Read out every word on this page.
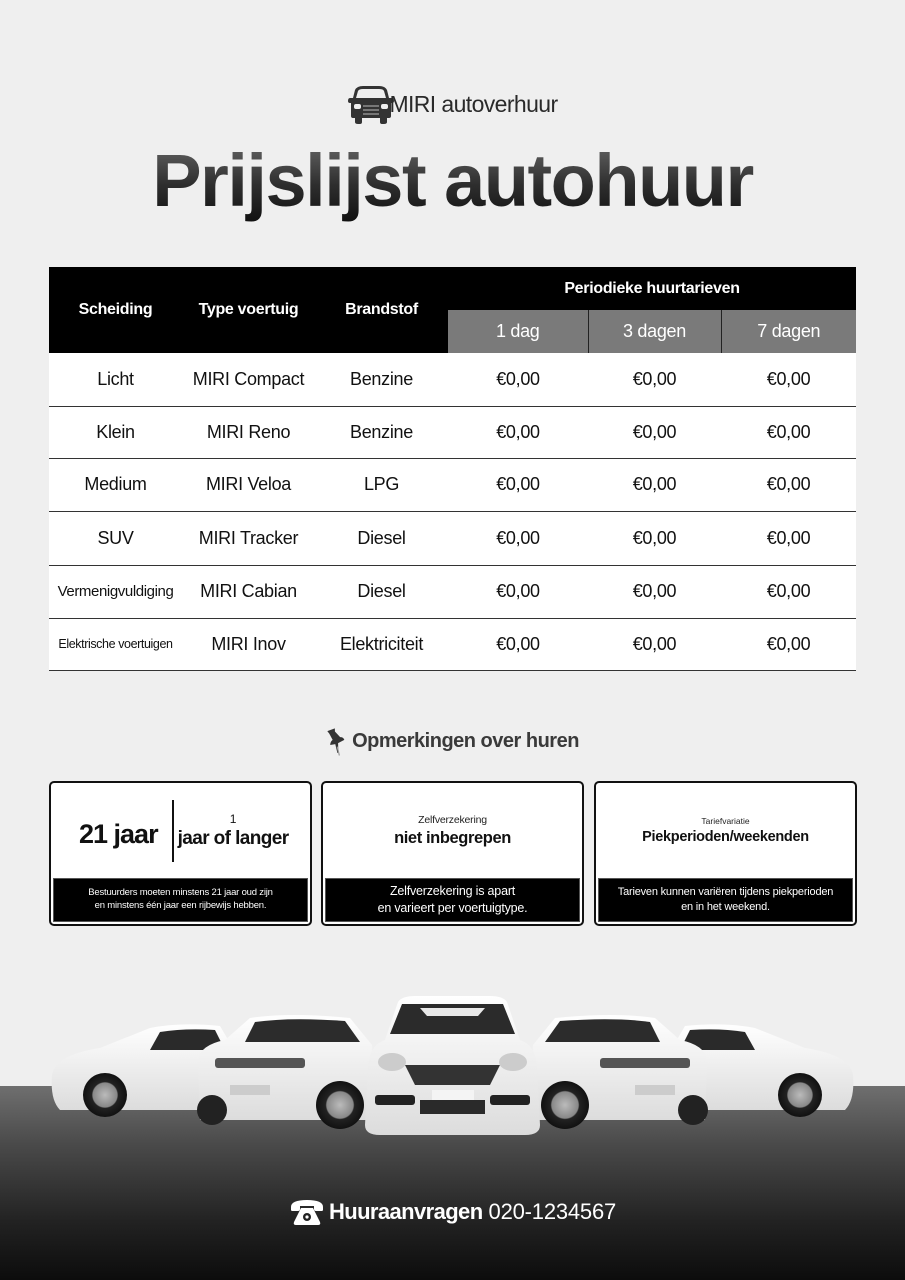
MIRI autoverhuur
Prijslijst autohuur
Scheiding	Type voertuig	Brandstof	Periodieke huurtarieven		
			1 dag	3 dagen	7 dagen
Licht	MIRI Compact	Benzine	€0,00	€0,00	€0,00
Klein	MIRI Reno	Benzine	€0,00	€0,00	€0,00
Medium	MIRI Veloa	LPG	€0,00	€0,00	€0,00
SUV	MIRI Tracker	Diesel	€0,00	€0,00	€0,00
Vermenigvuldiging	MIRI Cabian	Diesel	€0,00	€0,00	€0,00
Elektrische voertuigen	MIRI Inov	Elektriciteit	€0,00	€0,00	€0,00
Opmerkingen over huren
21 jaar
1
jaar of langer
Bestuurders moeten minstens 21 jaar oud zijn
en minstens één jaar een rijbewijs hebben.
Zelfverzekering
niet inbegrepen
Zelfverzekering is apart
en varieert per voertuigtype.
Tariefvariatie
Piekperioden/weekenden
Tarieven kunnen variëren tijdens piekperioden
en in het weekend.
Huuraanvragen 020-1234567
